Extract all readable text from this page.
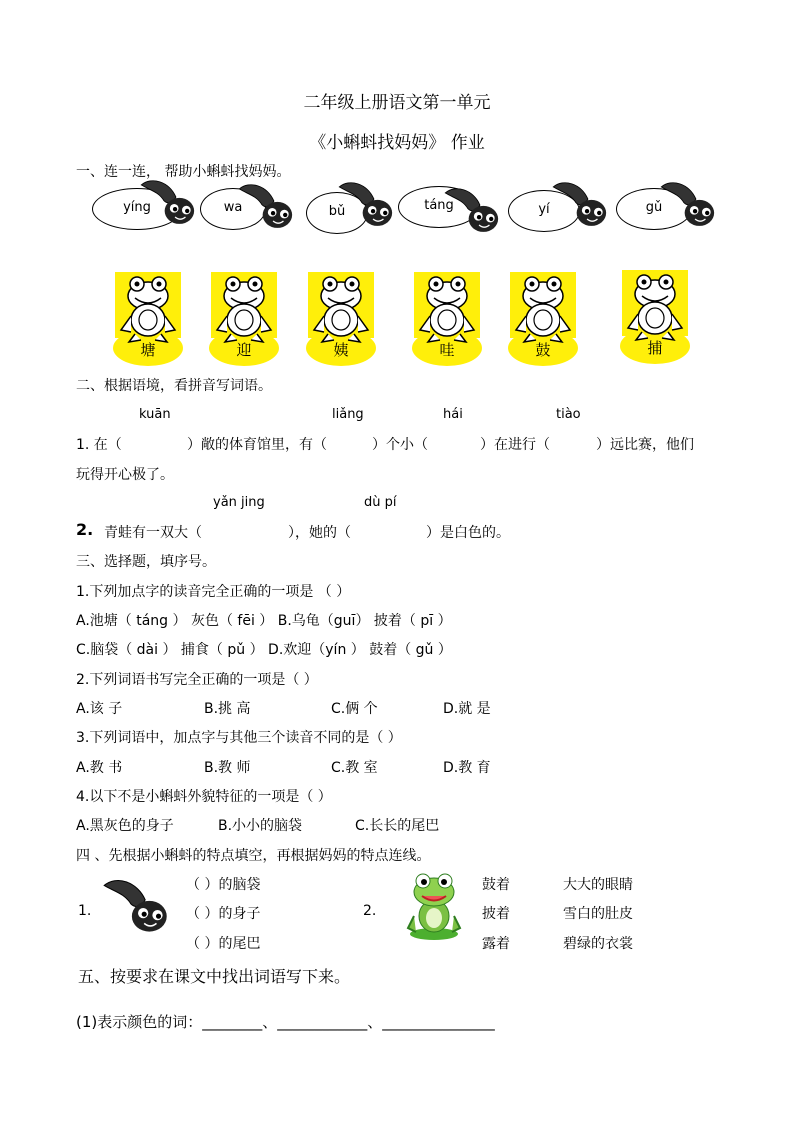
二年级上册语文第一单元
《小蝌蚪找妈妈》 作业
一、连一连， 帮助小蝌蚪找妈妈。
yíng	wa	bǔ	táng	yí	gǔ
塘	迎	姨	哇	鼓	捕
二、根据语境，看拼音写词语。
kuān	liǎng	hái	tiào
1. 在（	）敞的体育馆里，有（	）个小（	）在进行（	）远比赛，他们
玩得开心极了。
yǎn jing	dù pí
2. 青蛙有一双大（	），她的（	）是白色的。
三、选择题，填序号。
1.下列加点字的读音完全正确的一项是 （ ）
A.池塘（ táng ） 灰色（ fēi ） B.乌龟（guī） 披着（ pī ）
C.脑袋（ dài ） 捕食（ pǔ ） D.欢迎（yín ） 鼓着（ gǔ ）
2.下列词语书写完全正确的一项是（ ）
A.该 子	B.挑 高	C.俩 个	D.就 是
3.下列词语中，加点字与其他三个读音不同的是（ ）
A.教 书	B.教 师	C.教 室	D.教 育
4.以下不是小蝌蚪外貌特征的一项是（ ）
A.黑灰色的身子	B.小小的脑袋	C.长长的尾巴
四 、先根据小蝌蚪的特点填空，再根据妈妈的特点连线。
1.
（ ）的脑袋
（ ）的身子
（ ）的尾巴
2.
鼓着
披着
露着
大大的眼睛
雪白的肚皮
碧绿的衣裳
五、按要求在课文中找出词语写下来。
(1)表示颜色的词：________、____________、_______________
